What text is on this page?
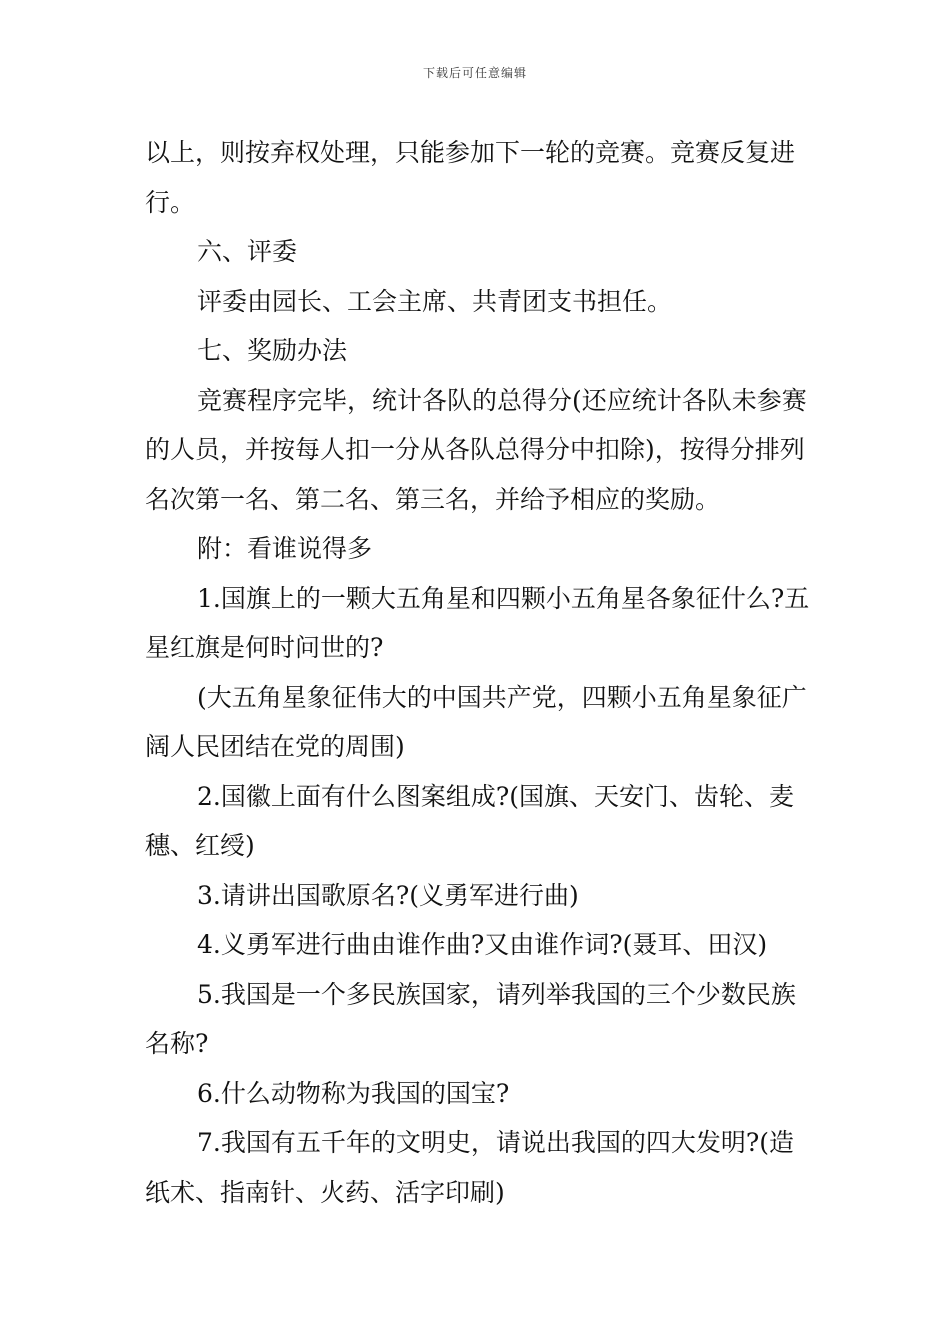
下载后可任意编辑

以上，则按弃权处理，只能参加下一轮的竞赛。竞赛反复进行。

六、评委

评委由园长、工会主席、共青团支书担任。

七、奖励办法

竞赛程序完毕，统计各队的总得分(还应统计各队未参赛的人员，并按每人扣一分从各队总得分中扣除)，按得分排列名次第一名、第二名、第三名，并给予相应的奖励。

附：看谁说得多

1.国旗上的一颗大五角星和四颗小五角星各象征什么?五星红旗是何时问世的?

(大五角星象征伟大的中国共产党，四颗小五角星象征广阔人民团结在党的周围)

2.国徽上面有什么图案组成?(国旗、天安门、齿轮、麦穗、红绶)

3.请讲出国歌原名?(义勇军进行曲)

4.义勇军进行曲由谁作曲?又由谁作词?(聂耳、田汉)

5.我国是一个多民族国家，请列举我国的三个少数民族名称?

6.什么动物称为我国的国宝?

7.我国有五千年的文明史，请说出我国的四大发明?(造纸术、指南针、火药、活字印刷)
